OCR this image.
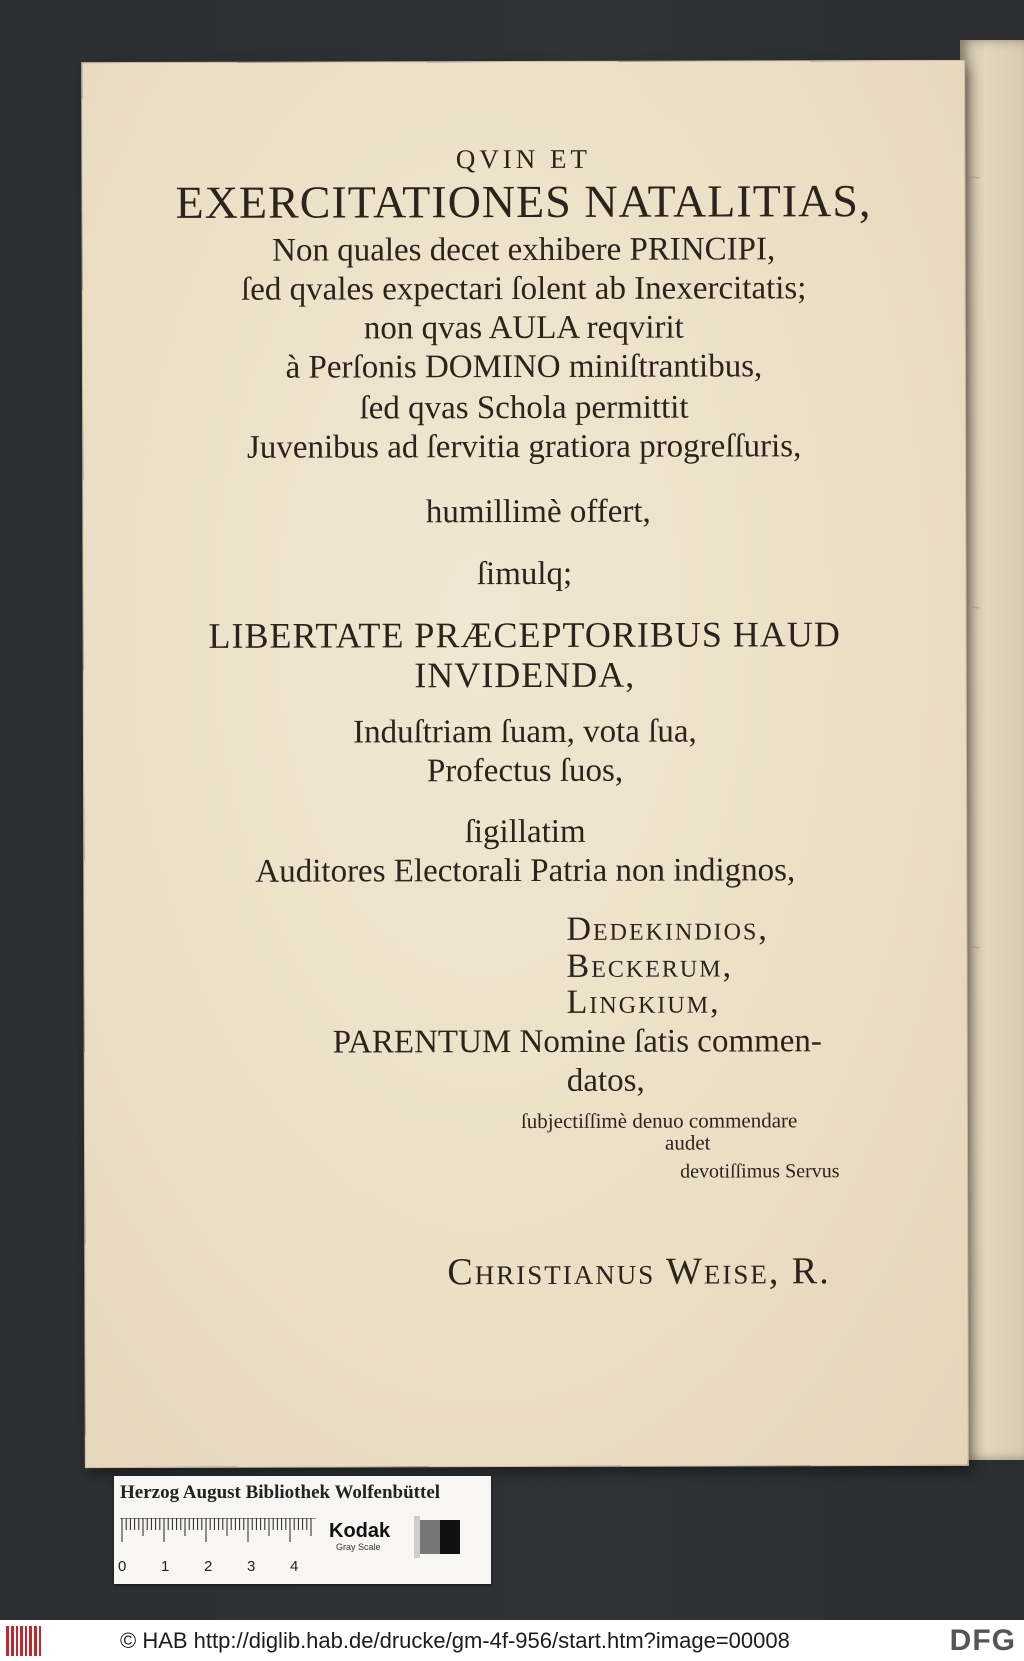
~
~
~
QVIN ET
EXERCITATIONES NATALITIAS,
Non quales decet exhibere PRINCIPI,
ſed qvales expectari ſolent ab Inexercitatis;
non qvas AULA reqvirit
à Perſonis DOMINO miniſtrantibus,
ſed qvas Schola permittit
Juvenibus ad ſervitia gratiora progreſſuris,
humillimè offert,
ſimulq;
LIBERTATE PRÆCEPTORIBUS HAUD
INVIDENDA,
Induſtriam ſuam, vota ſua,
Profectus ſuos,
ſigillatim
Auditores Electorali Patria non indignos,
Dedekindios,
Beckerum,
Lingkium,
PARENTUM Nomine ſatis commen-
datos,
ſubjectiſſimè denuo commendare
audet
devotiſſimus Servus
Christianus Weise, R.
Herzog August Bibliothek Wolfenbüttel
0 1 2 3 4
Kodak
Gray Scale
© HAB http://diglib.hab.de/drucke/gm-4f-956/start.htm?image=00008	DFG
